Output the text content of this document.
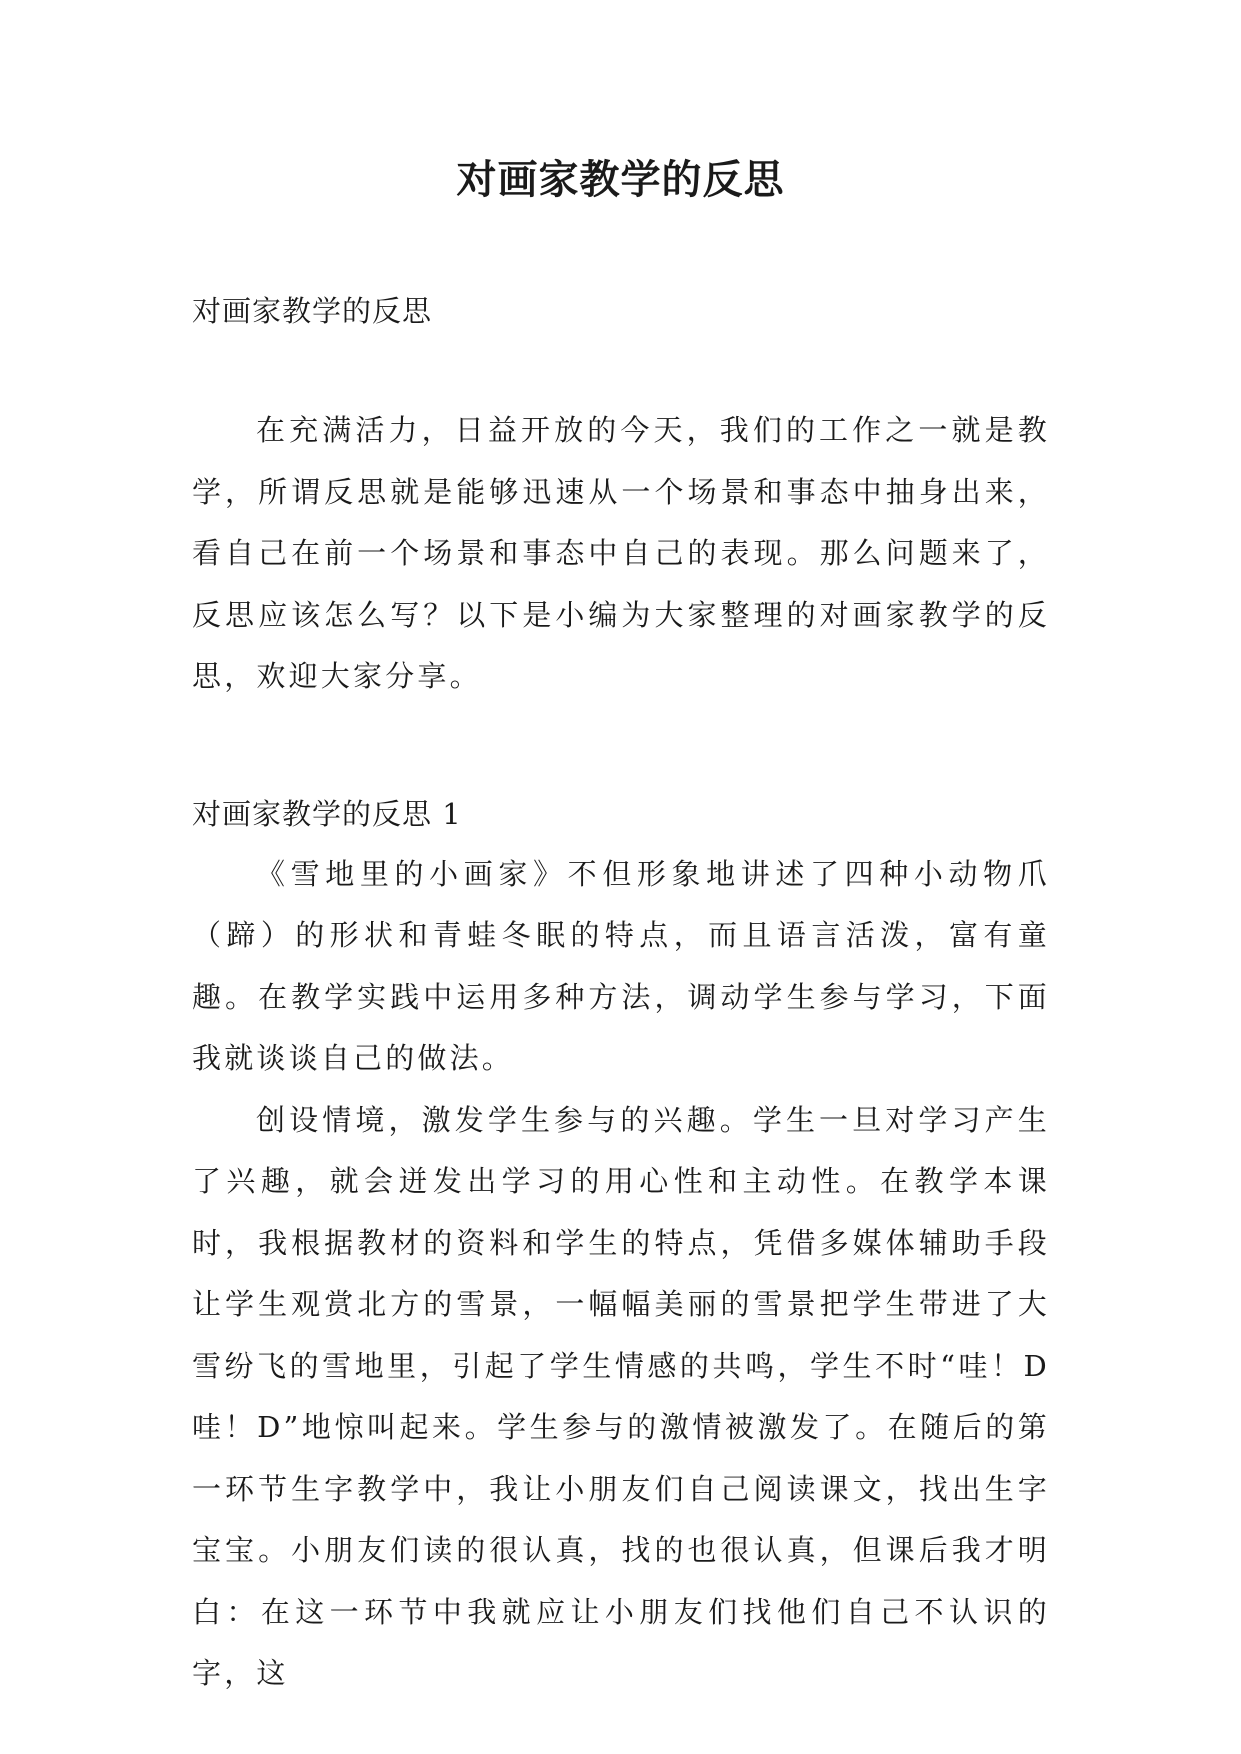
对画家教学的反思

对画家教学的反思

在充满活力，日益开放的今天，我们的工作之一就是教学，所谓反思就是能够迅速从一个场景和事态中抽身出来，看自己在前一个场景和事态中自己的表现。那么问题来了，反思应该怎么写？以下是小编为大家整理的对画家教学的反思，欢迎大家分享。

对画家教学的反思 1

《雪地里的小画家》不但形象地讲述了四种小动物爪（蹄）的形状和青蛙冬眠的特点，而且语言活泼，富有童趣。在教学实践中运用多种方法，调动学生参与学习，下面我就谈谈自己的做法。

创设情境，激发学生参与的兴趣。学生一旦对学习产生了兴趣，就会迸发出学习的用心性和主动性。在教学本课时，我根据教材的资料和学生的特点，凭借多媒体辅助手段让学生观赏北方的雪景，一幅幅美丽的雪景把学生带进了大雪纷飞的雪地里，引起了学生情感的共鸣，学生不时“哇！D哇！D”地惊叫起来。学生参与的激情被激发了。在随后的第一环节生字教学中，我让小朋友们自己阅读课文，找出生字宝宝。小朋友们读的很认真，找的也很认真，但课后我才明白：在这一环节中我就应让小朋友们找他们自己不认识的字，这
